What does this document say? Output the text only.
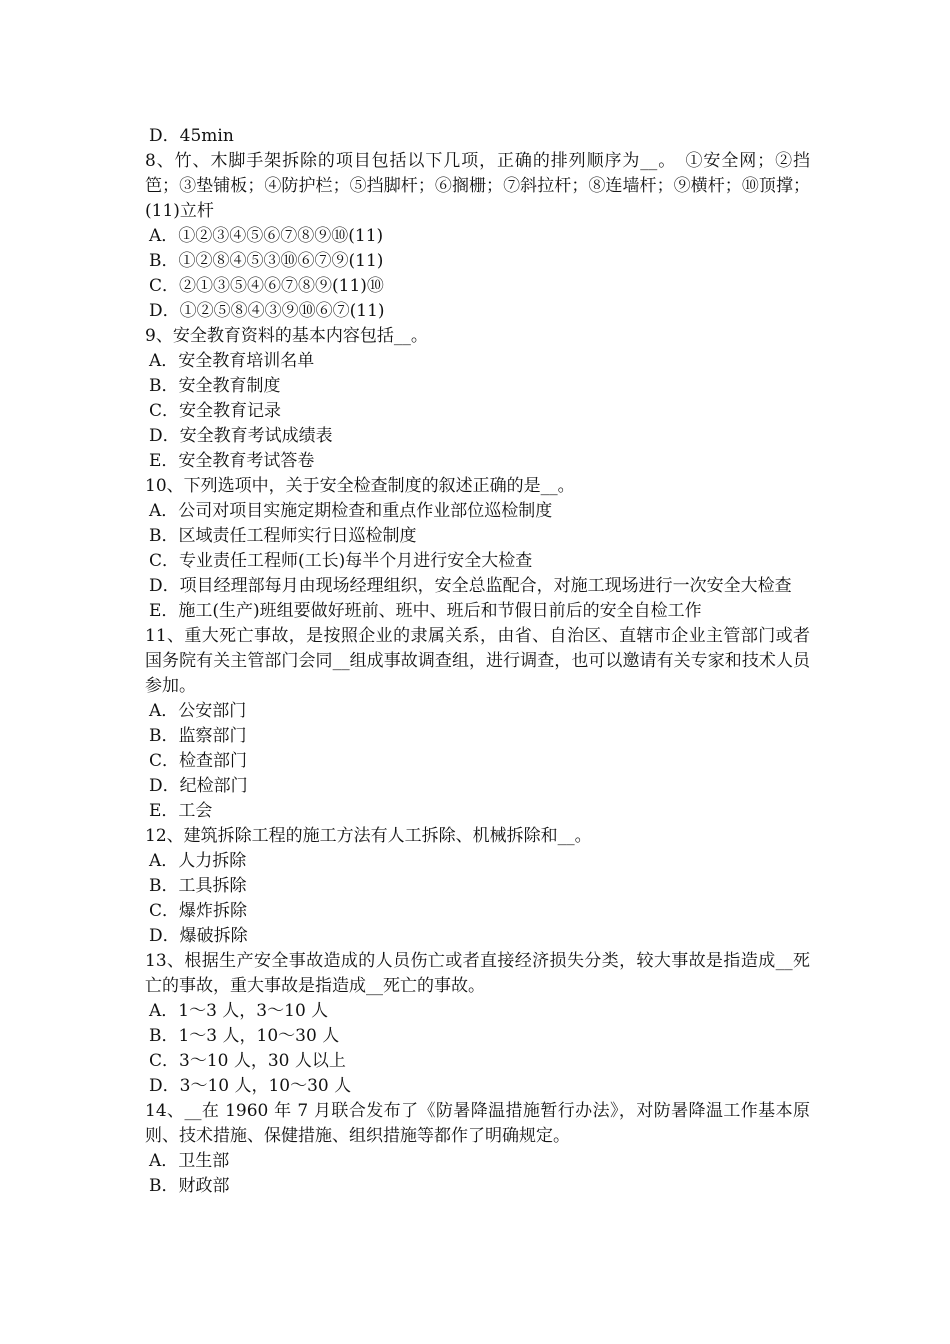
D．45min

8、竹、木脚手架拆除的项目包括以下几项，正确的排列顺序为__。　①安全网；②挡笆；③垫铺板；④防护栏；⑤挡脚杆；⑥搁栅；⑦斜拉杆；⑧连墙杆；⑨横杆；⑩顶撑；(11)立杆

A．①②③④⑤⑥⑦⑧⑨⑩(11)

B．①②⑧④⑤③⑩⑥⑦⑨(11)

C．②①③⑤④⑥⑦⑧⑨(11)⑩

D．①②⑤⑧④③⑨⑩⑥⑦(11)

9、安全教育资料的基本内容包括__。

A．安全教育培训名单

B．安全教育制度

C．安全教育记录

D．安全教育考试成绩表

E．安全教育考试答卷

10、下列选项中，关于安全检查制度的叙述正确的是__。

A．公司对项目实施定期检查和重点作业部位巡检制度

B．区域责任工程师实行日巡检制度

C．专业责任工程师(工长)每半个月进行安全大检查

D．项目经理部每月由现场经理组织，安全总监配合，对施工现场进行一次安全大检查

E．施工(生产)班组要做好班前、班中、班后和节假日前后的安全自检工作

11、重大死亡事故，是按照企业的隶属关系，由省、自治区、直辖市企业主管部门或者国务院有关主管部门会同__组成事故调查组，进行调查，也可以邀请有关专家和技术人员参加。

A．公安部门

B．监察部门

C．检查部门

D．纪检部门

E．工会

12、建筑拆除工程的施工方法有人工拆除、机械拆除和__。

A．人力拆除

B．工具拆除

C．爆炸拆除

D．爆破拆除

13、根据生产安全事故造成的人员伤亡或者直接经济损失分类，较大事故是指造成__死亡的事故，重大事故是指造成__死亡的事故。

A．1～3 人，3～10 人

B．1～3 人，10～30 人

C．3～10 人，30 人以上

D．3～10 人，10～30 人

14、__在 1960 年 7 月联合发布了《防暑降温措施暂行办法》，对防暑降温工作基本原则、技术措施、保健措施、组织措施等都作了明确规定。

A．卫生部

B．财政部
